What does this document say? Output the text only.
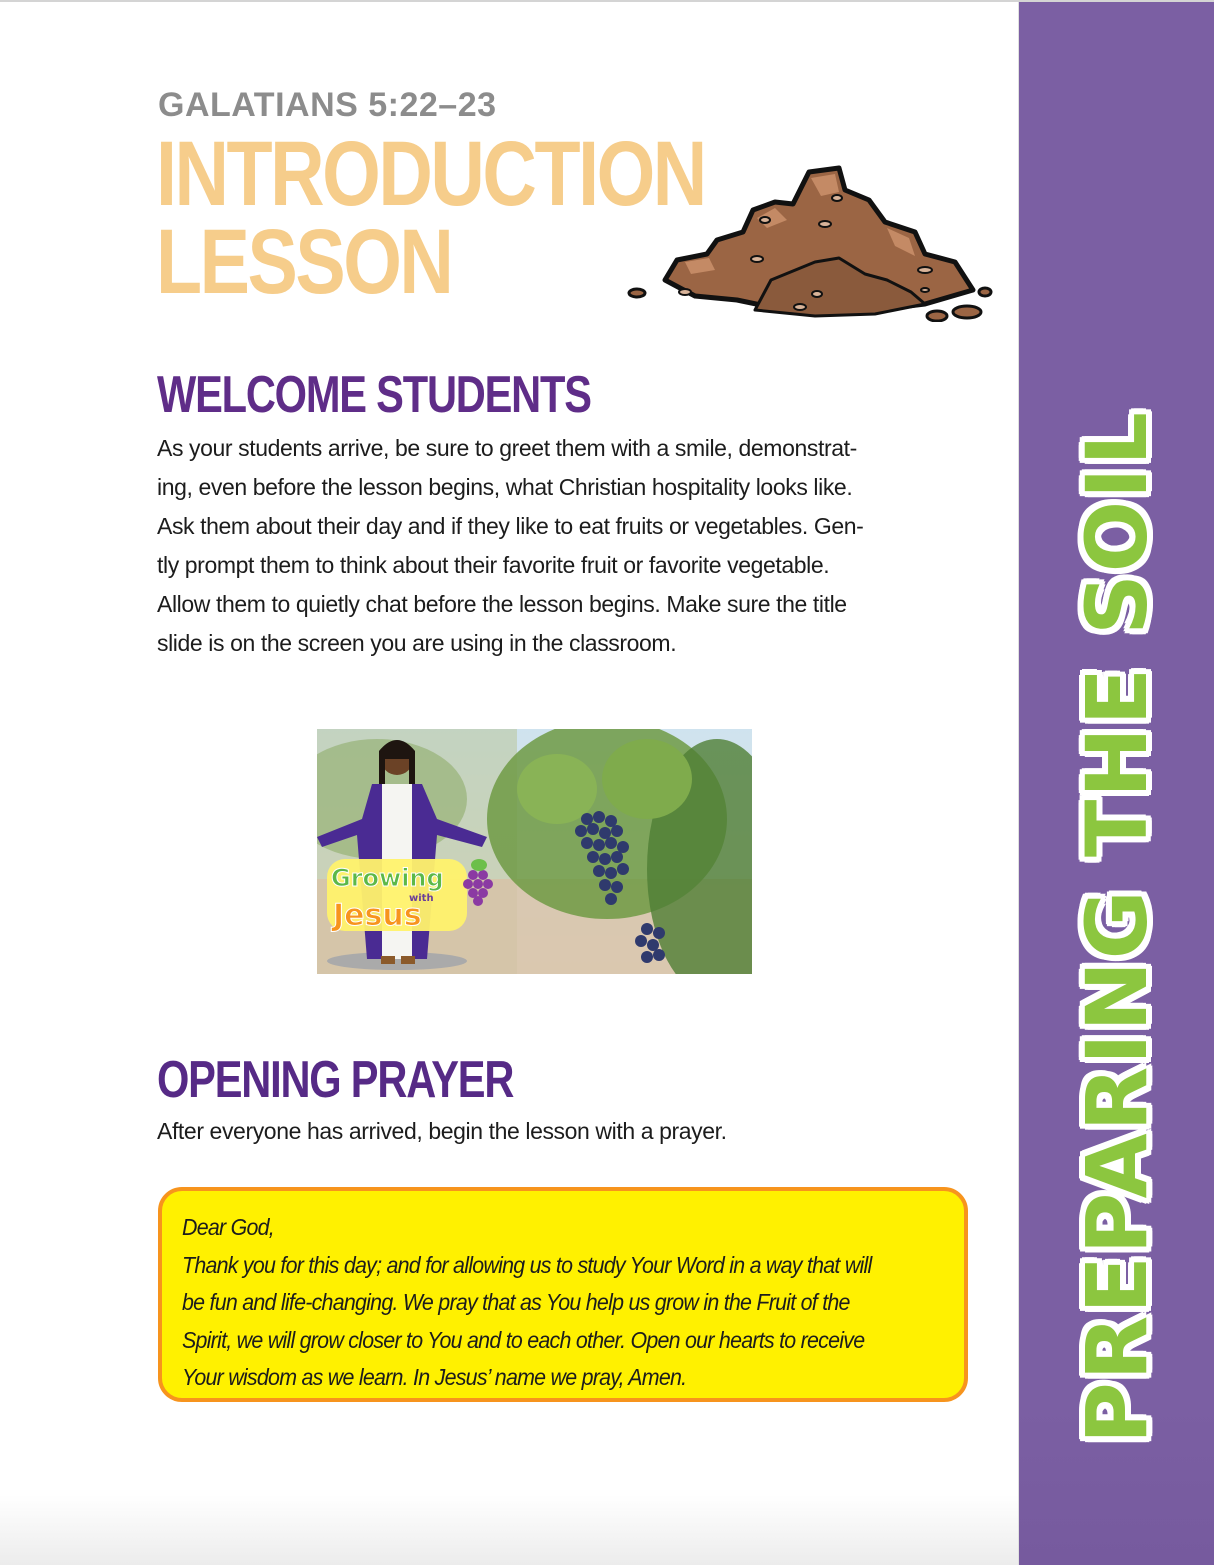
GALATIANS 5:22–23
INTRODUCTION
LESSON
WELCOME STUDENTS
As your students arrive, be sure to greet them with a smile, demonstrat-
ing, even before the lesson begins, what Christian hospitality looks like.
Ask them about their day and if they like to eat fruits or vegetables. Gen-
tly prompt them to think about their favorite fruit or favorite vegetable.
Allow them to quietly chat before the lesson begins. Make sure the title
slide is on the screen you are using in the classroom.
Growing
with
Jesus
OPENING PRAYER
After everyone has arrived, begin the lesson with a prayer.
Dear God,
Thank you for this day; and for allowing us to study Your Word in a way that will
be fun and life-changing. We pray that as You help us grow in the Fruit of the
Spirit, we will grow closer to You and to each other. Open our hearts to receive
Your wisdom as we learn. In Jesus’ name we pray, Amen.	PREPARING THE SOIL
